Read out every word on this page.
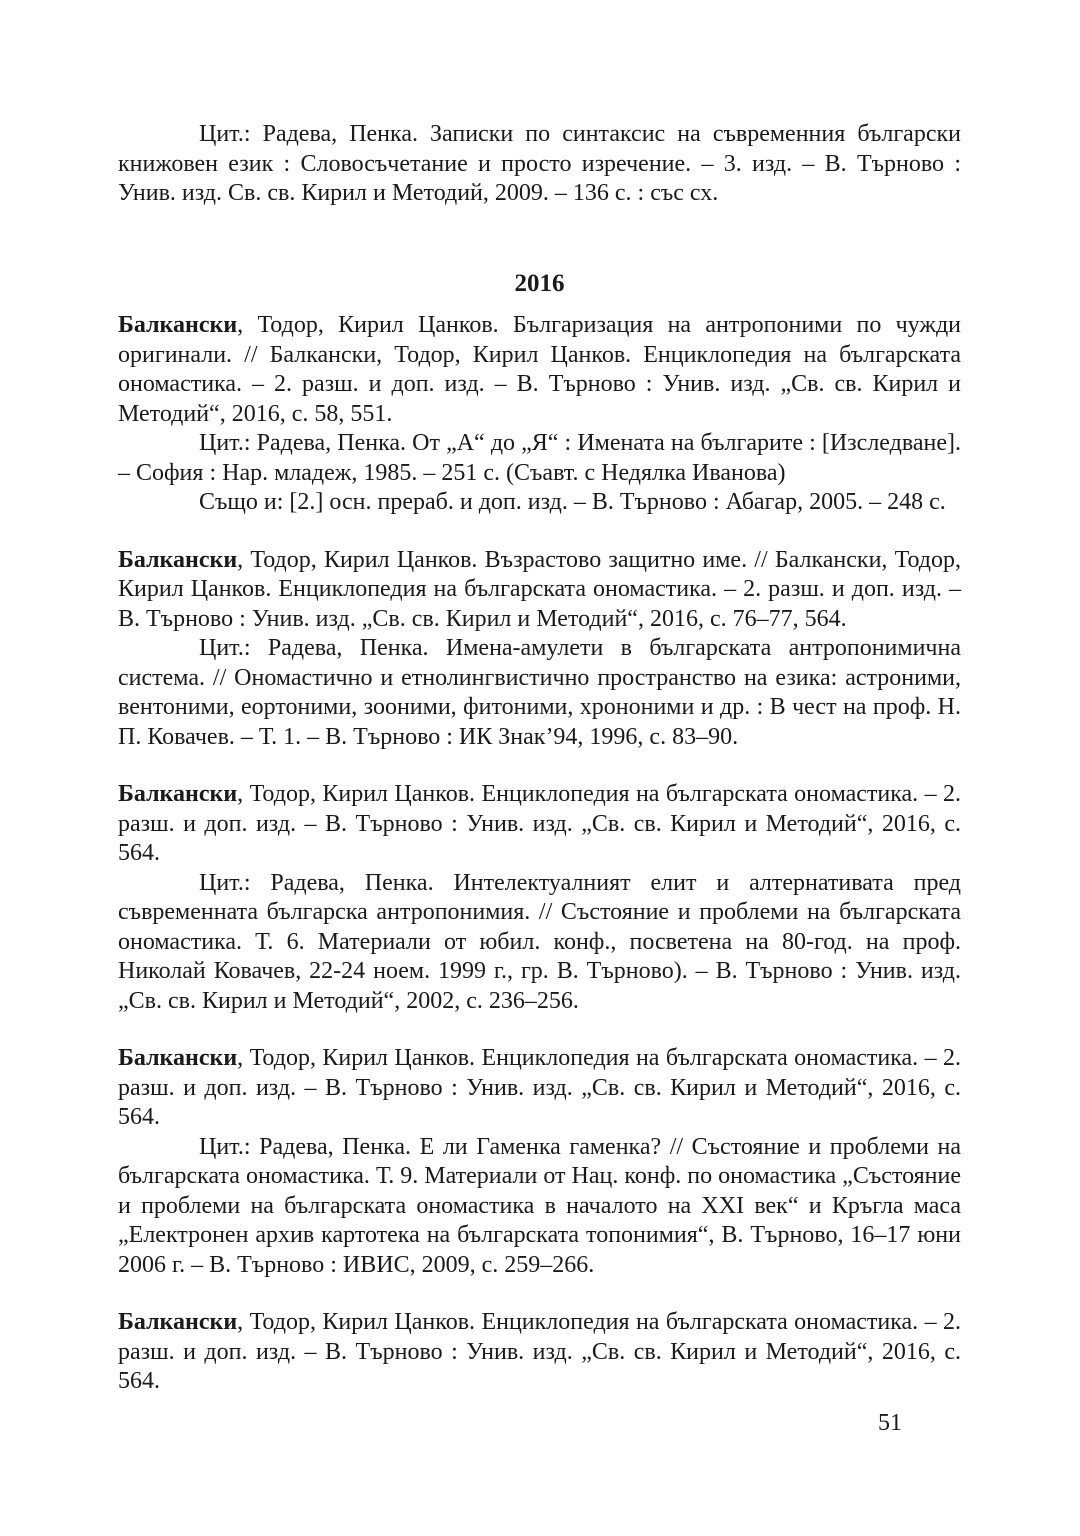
Цит.: Радева, Пенка. Записки по синтаксис на съвременния български книжовен език : Словосъчетание и просто изречение. – 3. изд. – В. Търново : Унив. изд. Св. св. Кирил и Методий, 2009. – 136 с. : със сх.

2016

Балкански, Тодор, Кирил Цанков. Българизация на антропоними по чужди оригинали. // Балкански, Тодор, Кирил Цанков. Енциклопедия на българската ономастика. – 2. разш. и доп. изд. – В. Търново : Унив. изд. „Св. св. Кирил и Методий“, 2016, с. 58, 551.

Цит.: Радева, Пенка. От „А“ до „Я“ : Имената на българите : [Изследване]. – София : Нар. младеж, 1985. – 251 с. (Съавт. с Недялка Иванова)

Също и: [2.] осн. прераб. и доп. изд. – В. Търново : Абагар, 2005. – 248 с.

Балкански, Тодор, Кирил Цанков. Възрастово защитно име. // Балкански, Тодор, Кирил Цанков. Енциклопедия на българската ономастика. – 2. разш. и доп. изд. – В. Търново : Унив. изд. „Св. св. Кирил и Методий“, 2016, с. 76–77, 564.

Цит.: Радева, Пенка. Имена-амулети в българската антропонимична система. // Ономастично и етнолингвистично пространство на езика: астроними, вентоними, еортоними, зооними, фитоними, хрононими и др. : В чест на проф. Н. П. Ковачев. – Т. 1. – В. Търново : ИК Знак’94, 1996, с. 83–90.

Балкански, Тодор, Кирил Цанков. Енциклопедия на българската ономастика. – 2. разш. и доп. изд. – В. Търново : Унив. изд. „Св. св. Кирил и Методий“, 2016, с. 564.

Цит.: Радева, Пенка. Интелектуалният елит и алтернативата пред съвременната българска антропонимия. // Състояние и проблеми на българската ономастика. Т. 6. Материали от юбил. конф., посветена на 80-год. на проф. Николай Ковачев, 22-24 ноем. 1999 г., гр. В. Търново). – В. Търново : Унив. изд. „Св. св. Кирил и Методий“, 2002, с. 236–256.

Балкански, Тодор, Кирил Цанков. Енциклопедия на българската ономастика. – 2. разш. и доп. изд. – В. Търново : Унив. изд. „Св. св. Кирил и Методий“, 2016, с. 564.

Цит.: Радева, Пенка. Е ли Гаменка гаменка? // Състояние и проблеми на българската ономастика. Т. 9. Материали от Нац. конф. по ономастика „Състояние и проблеми на българската ономастика в началото на XXI век“ и Кръгла маса „Електронен архив картотека на българската топонимия“, В. Търново, 16–17 юни 2006 г. – В. Търново : ИВИС, 2009, с. 259–266.

Балкански, Тодор, Кирил Цанков. Енциклопедия на българската ономастика. – 2. разш. и доп. изд. – В. Търново : Унив. изд. „Св. св. Кирил и Методий“, 2016, с. 564.

51
